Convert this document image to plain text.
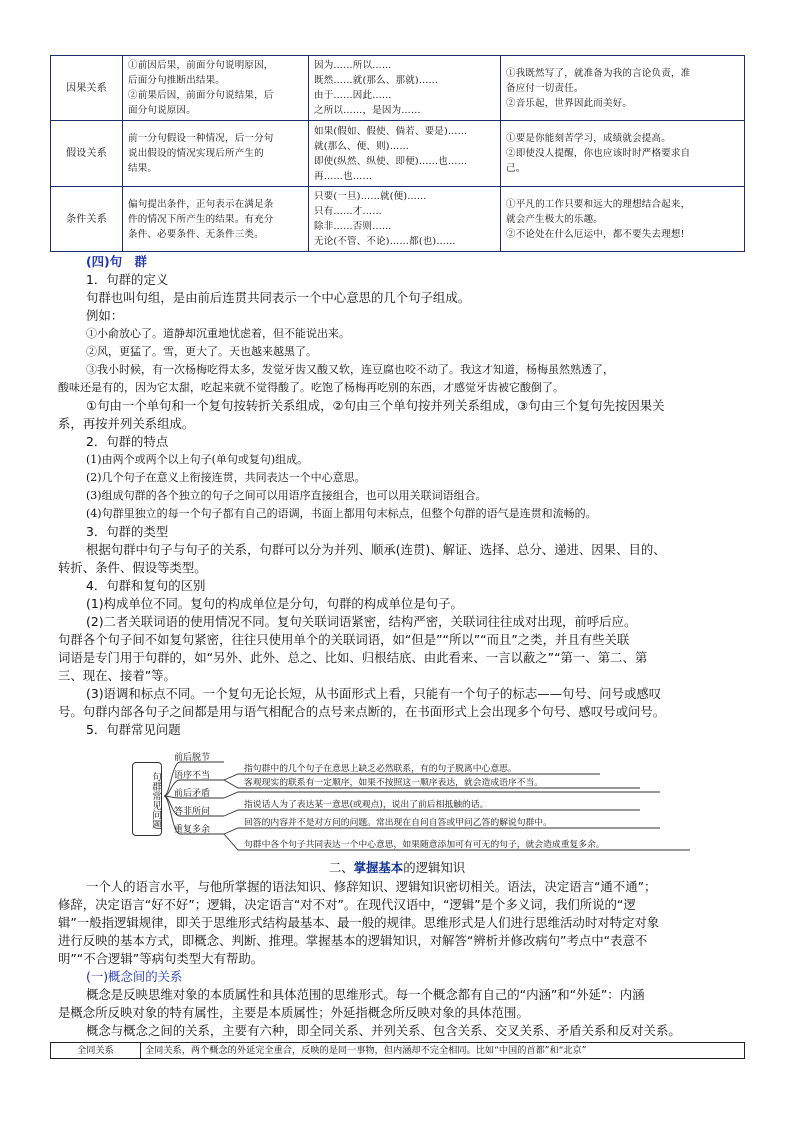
因果关系	①前因后果，前面分句说明原因，
后面分句推断出结果。
②前果后因，前面分句说结果，后
面分句说原因。	因为……所以……
既然……就(那么、那就)……
由于……因此……
之所以……，是因为……	①我既然写了，就准备为我的言论负责，准
备应付一切责任。
②音乐起，世界因此而美好。

假设关系	前一分句假设一种情况，后一分句
说出假设的情况实现后所产生的
结果。	如果(假如、假使、倘若、要是)……
就(那么、便、则)……
即使(纵然、纵使、即便)……也……
再……也……	①要是你能刻苦学习，成绩就会提高。
②即使没人提醒，你也应该时时严格要求自
己。

条件关系	偏句提出条件，正句表示在满足条
件的情况下所产生的结果。有充分
条件、必要条件、无条件三类。	只要(一旦)……就(便)……
只有……才……
除非……否则……
无论(不管、不论)……都(也)……	①平凡的工作只要和远大的理想结合起来，
就会产生极大的乐趣。
②不论处在什么厄运中，都不要失去理想!
(四)句　群
1．句群的定义
句群也叫句组，是由前后连贯共同表示一个中心意思的几个句子组成。
例如：
①小俞放心了。道静却沉重地忧虑着，但不能说出来。
②风，更猛了。雪，更大了。天也越来越黑了。
③我小时候，有一次杨梅吃得太多，发觉牙齿又酸又软，连豆腐也咬不动了。我这才知道，杨梅虽然熟透了，
酸味还是有的，因为它太甜，吃起来就不觉得酸了。吃饱了杨梅再吃别的东西，才感觉牙齿被它酸倒了。
①句由一个单句和一个复句按转折关系组成，②句由三个单句按并列关系组成，③句由三个复句先按因果关
系，再按并列关系组成。
2．句群的特点
(1)由两个或两个以上句子(单句或复句)组成。
(2)几个句子在意义上衔接连贯，共同表达一个中心意思。
(3)组成句群的各个独立的句子之间可以用语序直接组合，也可以用关联词语组合。
(4)句群里独立的每一个句子都有自己的语调，书面上都用句末标点，但整个句群的语气是连贯和流畅的。
3．句群的类型
根据句群中句子与句子的关系，句群可以分为并列、顺承(连贯)、解证、选择、总分、递进、因果、目的、
转折、条件、假设等类型。
4．句群和复句的区别
(1)构成单位不同。复句的构成单位是分句，句群的构成单位是句子。
(2)二者关联词语的使用情况不同。复句关联词语紧密，结构严密，关联词往往成对出现，前呼后应。
句群各个句子间不如复句紧密，往往只使用单个的关联词语，如“但是”“所以”“而且”之类，并且有些关联
词语是专门用于句群的，如“另外、此外、总之、比如、归根结底、由此看来、一言以蔽之”“第一、第二、第
三、现在、接着”等。
(3)语调和标点不同。一个复句无论长短，从书面形式上看，只能有一个句子的标志——句号、问号或感叹
号。句群内部各句子之间都是用与语气相配合的点号来点断的，在书面形式上会出现多个句号、感叹号或问号。
5．句群常见问题
句群常见问题
前后脱节
语序不当
前后矛盾
答非所问
重复多余
指句群中的几个句子在意思上缺乏必然联系，有的句子脱离中心意思。
客观现实的联系有一定顺序，如果不按照这一顺序表达，就会造成语序不当。
指说话人为了表达某一意思(或观点)，说出了前后相抵触的话。
回答的内容并不是对方问的问题。常出现在自问自答或甲问乙答的解说句群中。
句群中各个句子共同表达一个中心意思，如果随意添加可有可无的句子，就会造成重复多余。
二、掌握基本的逻辑知识
一个人的语言水平，与他所掌握的语法知识、修辞知识、逻辑知识密切相关。语法，决定语言“通不通”；
修辞，决定语言“好不好”；逻辑，决定语言“对不对”。在现代汉语中，“逻辑”是个多义词，我们所说的“逻
辑”一般指逻辑规律，即关于思维形式结构最基本、最一般的规律。思维形式是人们进行思维活动时对特定对象
进行反映的基本方式，即概念、判断、推理。掌握基本的逻辑知识，对解答“辨析并修改病句”考点中“表意不
明”“不合逻辑”等病句类型大有帮助。
(一)概念间的关系
概念是反映思维对象的本质属性和具体范围的思维形式。每一个概念都有自己的“内涵”和“外延”：内涵
是概念所反映对象的特有属性，主要是本质属性；外延指概念所反映对象的具体范围。
概念与概念之间的关系，主要有六种，即全同关系、并列关系、包含关系、交叉关系、矛盾关系和反对关系。
全同关系	全同关系，两个概念的外延完全重合，反映的是同一事物，但内涵却不完全相同。比如“中国的首都”和“北京”
